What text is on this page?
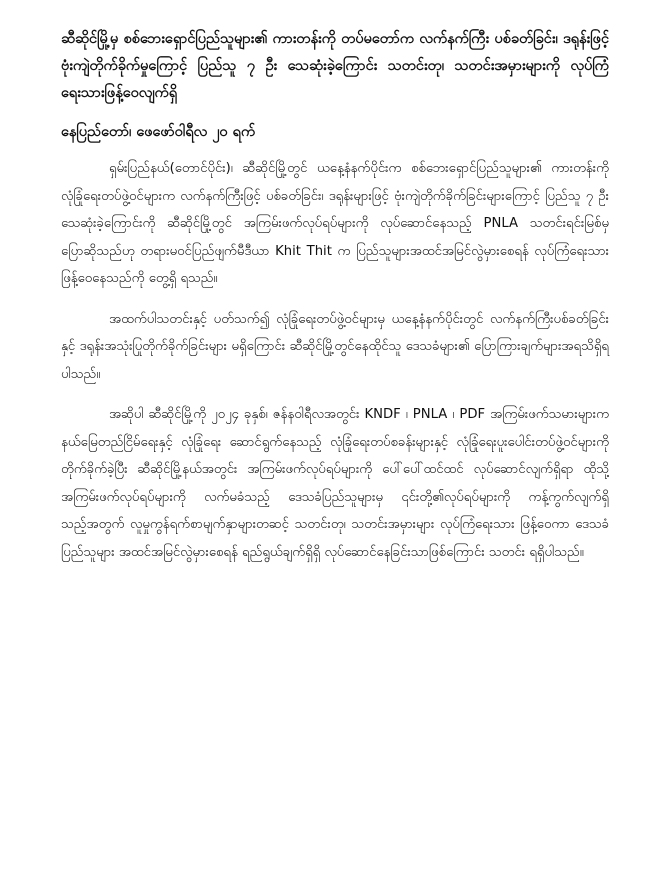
ဆီဆိုင်မြို့မှ စစ်ဘေးရှောင်ပြည်သူများ၏ ကားတန်းကို တပ်မတော်က လက်နက်ကြီး ပစ်ခတ်ခြင်း၊ ဒရုန်းဖြင့် ဗုံးကျဲတိုက်ခိုက်မှုကြောင့် ပြည်သူ ၇ ဦး သေဆုံးခဲ့ကြောင်း သတင်းတု၊ သတင်းအမှားများကို လုပ်ကြံရေးသားဖြန့်ဝေလျက်ရှိ

နေပြည်တော်၊ ဖေဖော်ဝါရီလ ၂၀ ရက်

ရှမ်းပြည်နယ်(တောင်ပိုင်း)၊ ဆီဆိုင်မြို့တွင် ယနေ့နံနက်ပိုင်းက စစ်ဘေးရှောင်ပြည်သူများ၏ ကားတန်းကို လုံခြုံရေးတပ်ဖွဲ့ဝင်များက လက်နက်ကြီးဖြင့် ပစ်ခတ်ခြင်း၊ ဒရုန်းများဖြင့် ဗုံးကျဲတိုက်ခိုက်ခြင်းများကြောင့် ပြည်သူ ၇ ဦး သေဆုံးခဲ့ကြောင်းကို ဆီဆိုင်မြို့တွင် အကြမ်းဖက်လုပ်ရပ်များကို လုပ်ဆောင်နေသည့် PNLA သတင်းရင်းမြစ်မှ ပြောဆိုသည်ဟု တရားမဝင်ပြည်ဖျက်မီဒီယာ Khit Thit က ပြည်သူများအထင်အမြင်လွဲမှားစေရန် လုပ်ကြံရေးသားဖြန့်ဝေနေသည်ကို တွေ့ရှိ ရသည်။

အထက်ပါသတင်းနှင့် ပတ်သက်၍ လုံခြုံရေးတပ်ဖွဲ့ဝင်များမှ ယနေ့နံနက်ပိုင်းတွင် လက်နက်ကြီးပစ်ခတ်ခြင်းနှင့် ဒရုန်းအသုံးပြုတိုက်ခိုက်ခြင်းများ မရှိကြောင်း ဆီဆိုင်မြို့တွင်နေထိုင်သူ ဒေသခံများ၏ ပြောကြားချက်များအရသိရှိရပါသည်။

အဆိုပါ ဆီဆိုင်မြို့ကို ၂၀၂၄ ခုနှစ်၊ ဇန်နဝါရီလအတွင်း KNDF ၊ PNLA ၊ PDF အကြမ်းဖက်သမားများက နယ်မြေတည်ငြိမ်ရေးနှင့် လုံခြုံရေး ဆောင်ရွက်နေသည့် လုံခြုံရေးတပ်စခန်းများနှင့် လုံခြုံရေးပူးပေါင်းတပ်ဖွဲ့ဝင်များကို တိုက်ခိုက်ခဲ့ပြီး ဆီဆိုင်မြို့နယ်အတွင်း အကြမ်းဖက်လုပ်ရပ်များကို ပေါ်ပေါ်ထင်ထင် လုပ်ဆောင်လျက်ရှိရာ ထိုသို့အကြမ်းဖက်လုပ်ရပ်များကို လက်မခံသည့် ဒေသခံပြည်သူများမှ ၎င်းတို့၏လုပ်ရပ်များကို ကန့်ကွက်လျက်ရှိသည့်အတွက် လူမှုကွန်ရက်စာမျက်နှာများတဆင့် သတင်းတု၊ သတင်းအမှားများ လုပ်ကြံရေးသား ဖြန့်ဝေကာ ဒေသခံပြည်သူများ အထင်အမြင်လွဲမှားစေရန် ရည်ရွယ်ချက်ရှိရှိ လုပ်ဆောင်နေခြင်းသာဖြစ်ကြောင်း သတင်း ရရှိပါသည်။
